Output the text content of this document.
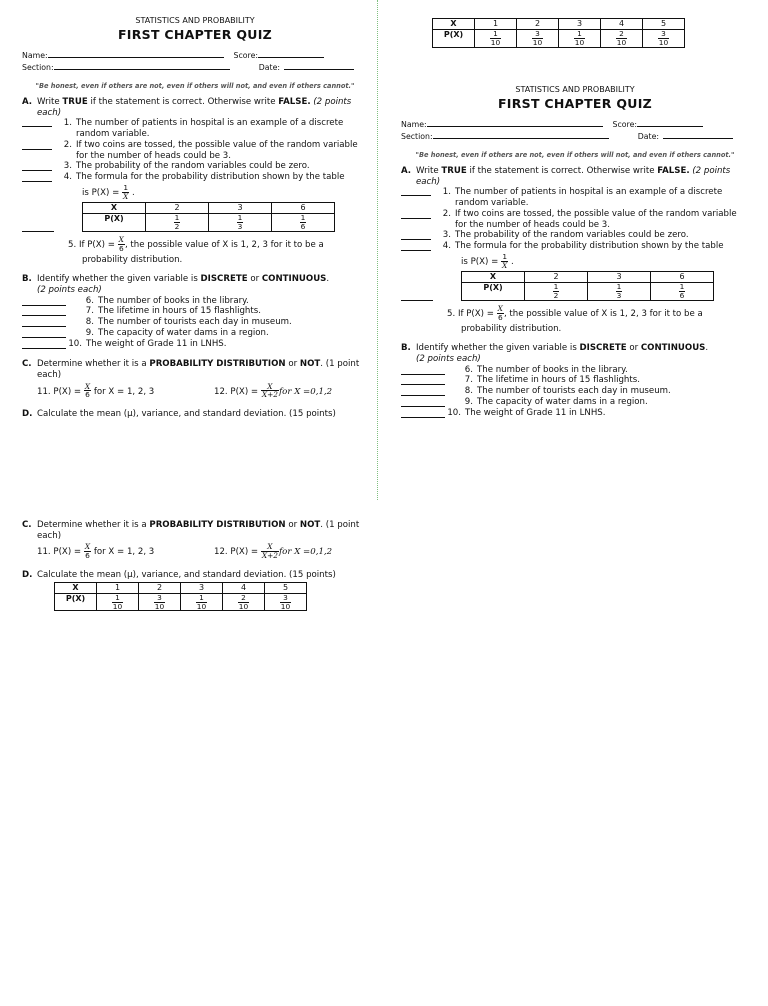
STATISTICS AND PROBABILITY
FIRST CHAPTER QUIZ
Name:	Score:
Section:	Date:
"Be honest, even if others are not, even if others will not, and even if others cannot."
A. Write TRUE if the statement is correct. Otherwise write FALSE. (2 points each)
1. The number of patients in hospital is an example of a discrete random variable.
2. If two coins are tossed, the possible value of the random variable for the number of heads could be 3.
3. The probability of the random variables could be zero.
4. The formula for the probability distribution shown by the table
is $P(X) = \frac{1}{X}$ .
X	2	3	6
P(X)	$\frac{1}{2}$	$\frac{1}{3}$	$\frac{1}{6}$
5. If $P(X) = \frac{X}{6}$ , the possible value of X is 1, 2, 3 for it to be a
probability distribution.
B. Identify whether the given variable is DISCRETE or CONTINUOUS.
(2 points each)
6. The number of books in the library.
7. The lifetime in hours of 15 flashlights.
8. The number of tourists each day in museum.
9. The capacity of water dams in a region.
10. The weight of Grade 11 in LNHS.
C. Determine whether it is a PROBABILITY DISTRIBUTION or NOT. (1 point each)
11. $P(X) = \frac{X}{6}$ for X = 1, 2, 3	12. $P(X) = \frac{X}{X+2}$ for X =0,1,2
D. Calculate the mean (μ), variance, and standard deviation. (15 points)
X	1	2	3	4	5
P(X)	$\frac{1}{10}$	$\frac{3}{10}$	$\frac{1}{10}$	$\frac{2}{10}$	$\frac{3}{10}$
STATISTICS AND PROBABILITY
FIRST CHAPTER QUIZ
Name:	Score:
Section:	Date:
"Be honest, even if others are not, even if others will not, and even if others cannot."
A. Write TRUE if the statement is correct. Otherwise write FALSE. (2 points each)
1. The number of patients in hospital is an example of a discrete random variable.
2. If two coins are tossed, the possible value of the random variable for the number of heads could be 3.
3. The probability of the random variables could be zero.
4. The formula for the probability distribution shown by the table
is $P(X) = \frac{1}{X}$ .
X	2	3	6
P(X)	$\frac{1}{2}$	$\frac{1}{3}$	$\frac{1}{6}$
5. If $P(X) = \frac{X}{6}$ , the possible value of X is 1, 2, 3 for it to be a
probability distribution.
B. Identify whether the given variable is DISCRETE or CONTINUOUS.
(2 points each)
6. The number of books in the library.
7. The lifetime in hours of 15 flashlights.
8. The number of tourists each day in museum.
9. The capacity of water dams in a region.
10. The weight of Grade 11 in LNHS.
C. Determine whether it is a PROBABILITY DISTRIBUTION or NOT. (1 point each)
11. $P(X) = \frac{X}{6}$ for X = 1, 2, 3	12. $P(X) = \frac{X}{X+2}$ for X =0,1,2
D. Calculate the mean (μ), variance, and standard deviation. (15 points)
X	1	2	3	4	5
P(X)	$\frac{1}{10}$	$\frac{3}{10}$	$\frac{1}{10}$	$\frac{2}{10}$	$\frac{3}{10}$
